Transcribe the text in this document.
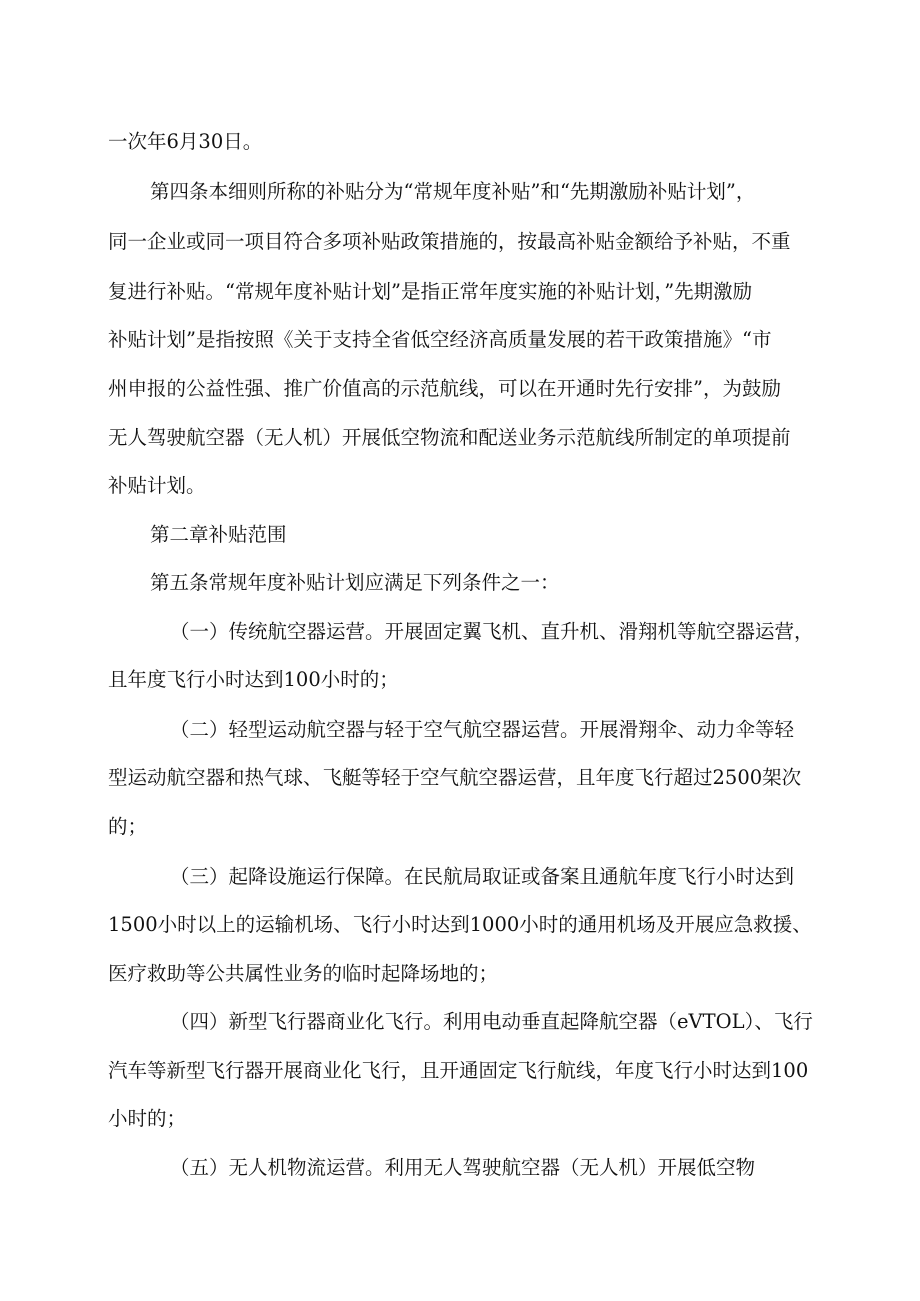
一次年6月30日。
第四条本细则所称的补贴分为“常规年度补贴”和“先期激励补贴计划”，
同一企业或同一项目符合多项补贴政策措施的，按最高补贴金额给予补贴，不重
复进行补贴。“常规年度补贴计划”是指正常年度实施的补贴计划，”先期激励
补贴计划”是指按照《关于支持全省低空经济高质量发展的若干政策措施》“市
州申报的公益性强、推广价值高的示范航线，可以在开通时先行安排”，为鼓励
无人驾驶航空器（无人机）开展低空物流和配送业务示范航线所制定的单项提前
补贴计划。
第二章补贴范围
第五条常规年度补贴计划应满足下列条件之一：
（一）传统航空器运营。开展固定翼飞机、直升机、滑翔机等航空器运营，
且年度飞行小时达到100小时的；
（二）轻型运动航空器与轻于空气航空器运营。开展滑翔伞、动力伞等轻
型运动航空器和热气球、飞艇等轻于空气航空器运营，且年度飞行超过2500架次
的；
（三）起降设施运行保障。在民航局取证或备案且通航年度飞行小时达到
1500小时以上的运输机场、飞行小时达到1000小时的通用机场及开展应急救援、
医疗救助等公共属性业务的临时起降场地的；
（四）新型飞行器商业化飞行。利用电动垂直起降航空器（eVTOL）、飞行
汽车等新型飞行器开展商业化飞行，且开通固定飞行航线，年度飞行小时达到100
小时的；
（五）无人机物流运营。利用无人驾驶航空器（无人机）开展低空物
